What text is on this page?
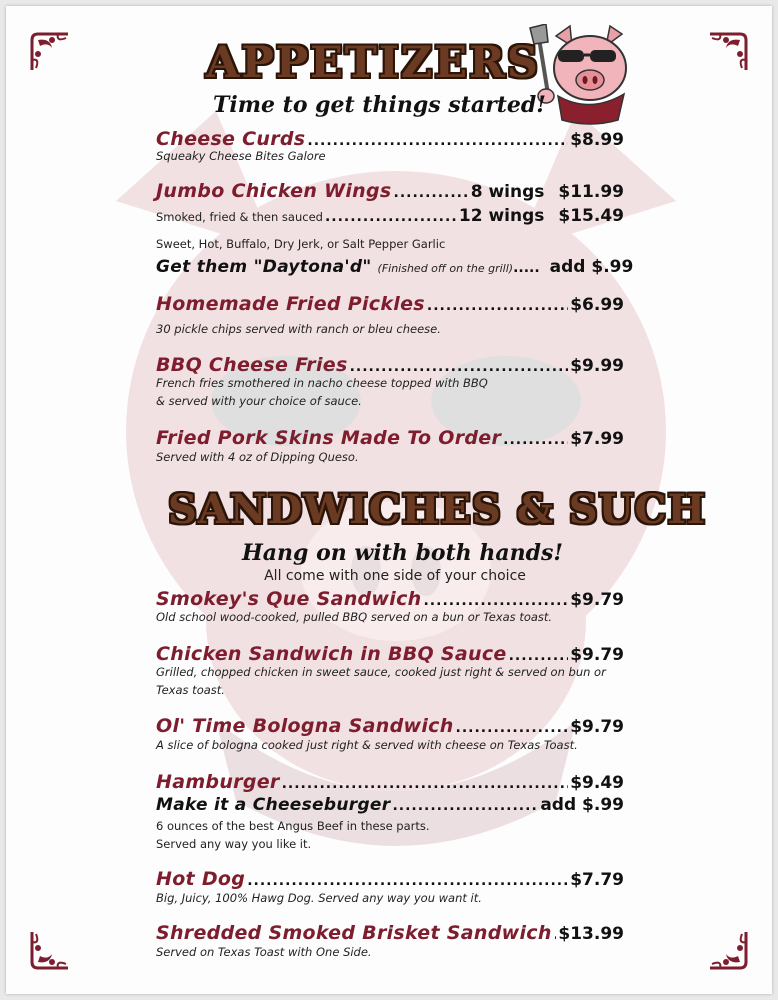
APPETIZERS
Time to get things started!
Cheese Curds .....	$8.99
Squeaky Cheese Bites Galore
Jumbo Chicken Wings .....	8 wings $11.99
Smoked, fried & then sauced .....	12 wings $15.49
Sweet, Hot, Buffalo, Dry Jerk, or Salt Pepper Garlic
Get them "Daytona'd" (Finished off on the grill) ..... add $.99
Homemade Fried Pickles .....	$6.99
30 pickle chips served with ranch or bleu cheese.
BBQ Cheese Fries .....	$9.99
French fries smothered in nacho cheese topped with BBQ
& served with your choice of sauce.
Fried Pork Skins Made To Order .....	$7.99
Served with 4 oz of Dipping Queso.
SANDWICHES & SUCH
Hang on with both hands!
All come with one side of your choice
Smokey's Que Sandwich .....	$9.79
Old school wood-cooked, pulled BBQ served on a bun or Texas toast.
Chicken Sandwich in BBQ Sauce .....	$9.79
Grilled, chopped chicken in sweet sauce, cooked just right & served on bun or
Texas toast.
Ol' Time Bologna Sandwich .....	$9.79
A slice of bologna cooked just right & served with cheese on Texas Toast.
Hamburger .....	$9.49
Make it a Cheeseburger .....	add $.99
6 ounces of the best Angus Beef in these parts.
Served any way you like it.
Hot Dog .....	$7.79
Big, Juicy, 100% Hawg Dog. Served any way you want it.
Shredded Smoked Brisket Sandwich ..... $13.99
Served on Texas Toast with One Side.
